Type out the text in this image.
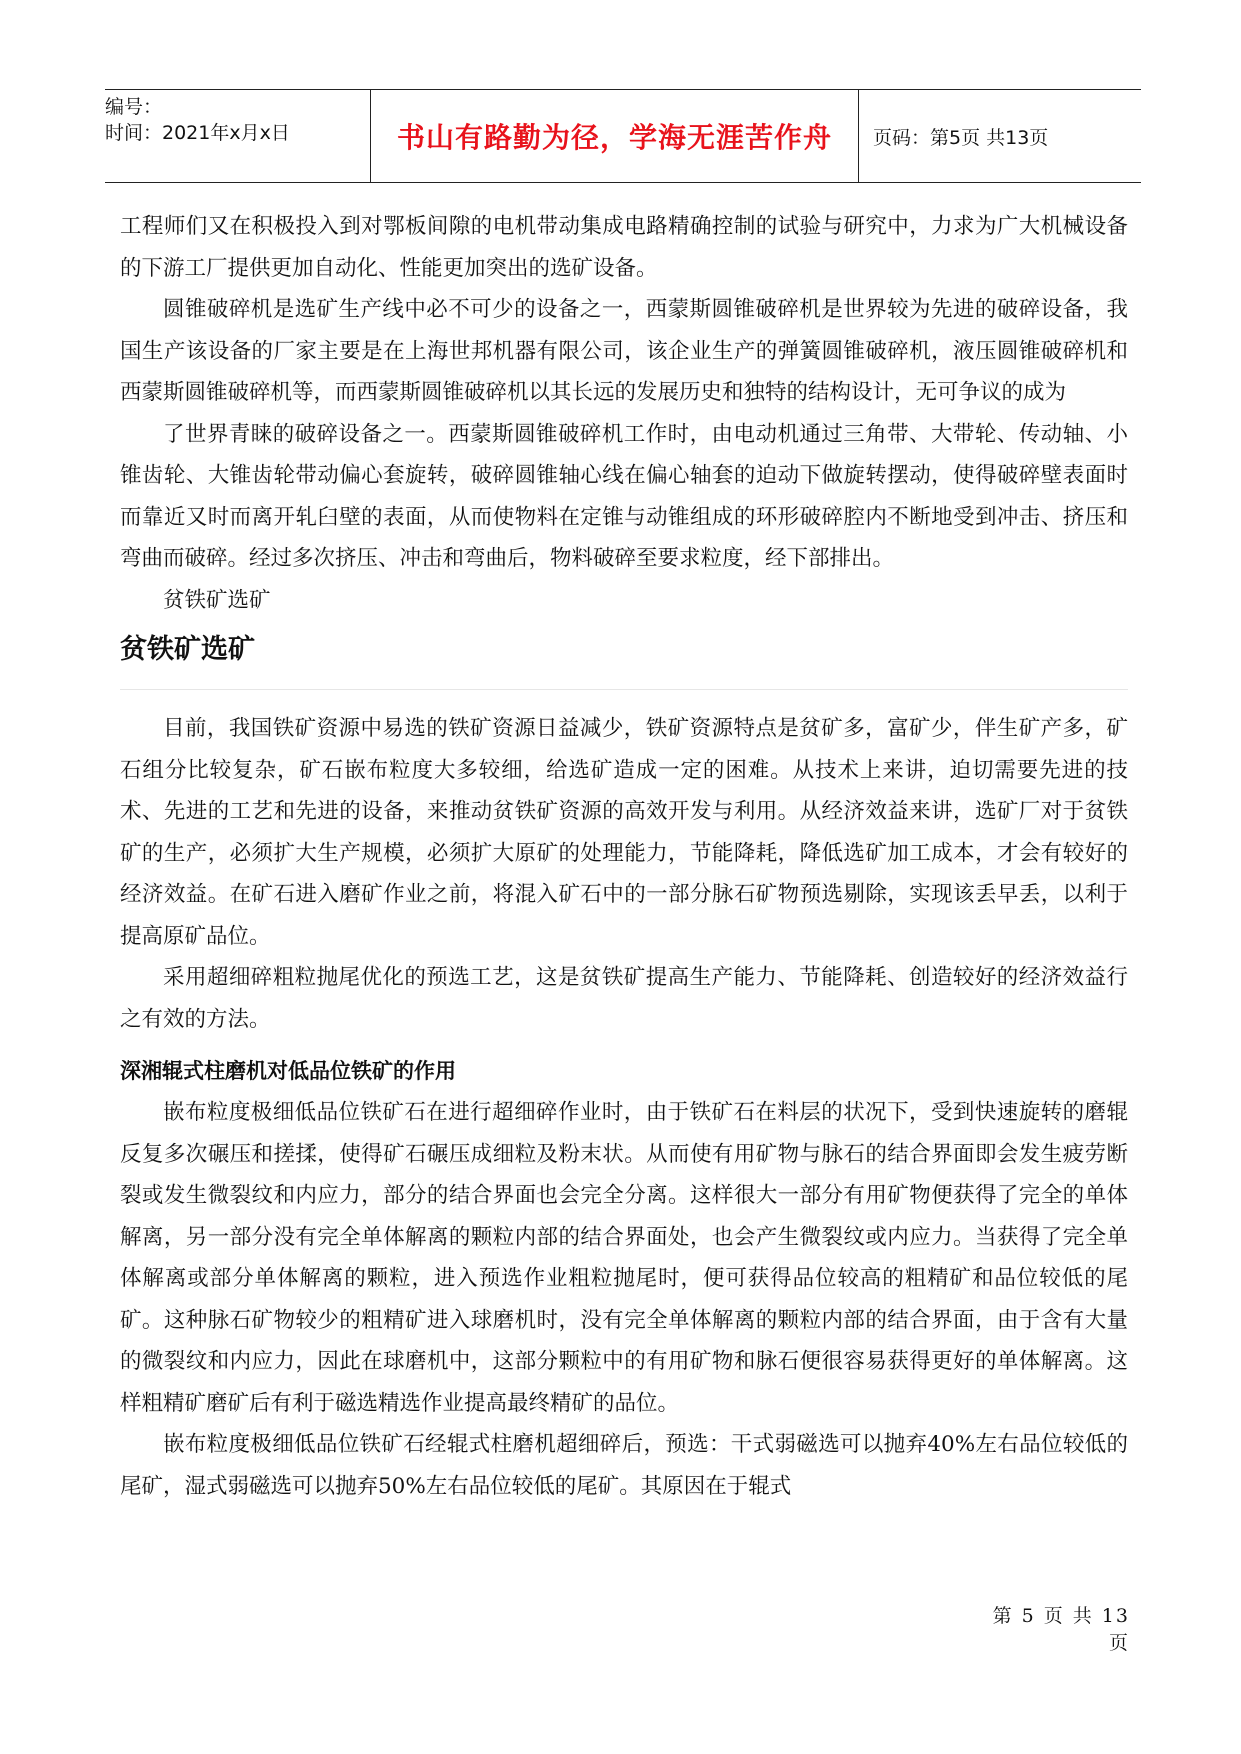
编号：
时间：2021年x月x日	书山有路勤为径，学海无涯苦作舟 页码：第5页 共13页

工程师们又在积极投入到对鄂板间隙的电机带动集成电路精确控制的试验与研究中，力求为广大机械设备的下游工厂提供更加自动化、性能更加突出的选矿设备。

圆锥破碎机是选矿生产线中必不可少的设备之一，西蒙斯圆锥破碎机是世界较为先进的破碎设备，我国生产该设备的厂家主要是在上海世邦机器有限公司，该企业生产的弹簧圆锥破碎机，液压圆锥破碎机和西蒙斯圆锥破碎机等，而西蒙斯圆锥破碎机以其长远的发展历史和独特的结构设计，无可争议的成为

了世界青睐的破碎设备之一。西蒙斯圆锥破碎机工作时，由电动机通过三角带、大带轮、传动轴、小锥齿轮、大锥齿轮带动偏心套旋转，破碎圆锥轴心线在偏心轴套的迫动下做旋转摆动，使得破碎壁表面时而靠近又时而离开轧臼壁的表面，从而使物料在定锥与动锥组成的环形破碎腔内不断地受到冲击、挤压和弯曲而破碎。经过多次挤压、冲击和弯曲后，物料破碎至要求粒度，经下部排出。

贫铁矿选矿

贫铁矿选矿

目前，我国铁矿资源中易选的铁矿资源日益减少，铁矿资源特点是贫矿多，富矿少，伴生矿产多，矿石组分比较复杂，矿石嵌布粒度大多较细，给选矿造成一定的困难。从技术上来讲，迫切需要先进的技术、先进的工艺和先进的设备，来推动贫铁矿资源的高效开发与利用。从经济效益来讲，选矿厂对于贫铁矿的生产，必须扩大生产规模，必须扩大原矿的处理能力，节能降耗，降低选矿加工成本，才会有较好的经济效益。在矿石进入磨矿作业之前，将混入矿石中的一部分脉石矿物预选剔除，实现该丢早丢，以利于提高原矿品位。

采用超细碎粗粒抛尾优化的预选工艺，这是贫铁矿提高生产能力、节能降耗、创造较好的经济效益行之有效的方法。

深湘辊式柱磨机对低品位铁矿的作用

嵌布粒度极细低品位铁矿石在进行超细碎作业时，由于铁矿石在料层的状况下，受到快速旋转的磨辊反复多次碾压和搓揉，使得矿石碾压成细粒及粉末状。从而使有用矿物与脉石的结合界面即会发生疲劳断裂或发生微裂纹和内应力，部分的结合界面也会完全分离。这样很大一部分有用矿物便获得了完全的单体解离，另一部分没有完全单体解离的颗粒内部的结合界面处，也会产生微裂纹或内应力。当获得了完全单体解离或部分单体解离的颗粒，进入预选作业粗粒抛尾时，便可获得品位较高的粗精矿和品位较低的尾矿。这种脉石矿物较少的粗精矿进入球磨机时，没有完全单体解离的颗粒内部的结合界面，由于含有大量的微裂纹和内应力，因此在球磨机中，这部分颗粒中的有用矿物和脉石便很容易获得更好的单体解离。这样粗精矿磨矿后有利于磁选精选作业提高最终精矿的品位。

嵌布粒度极细低品位铁矿石经辊式柱磨机超细碎后，预选：干式弱磁选可以抛弃40%左右品位较低的尾矿，湿式弱磁选可以抛弃50%左右品位较低的尾矿。其原因在于辊式

第 5 页 共 13 页
